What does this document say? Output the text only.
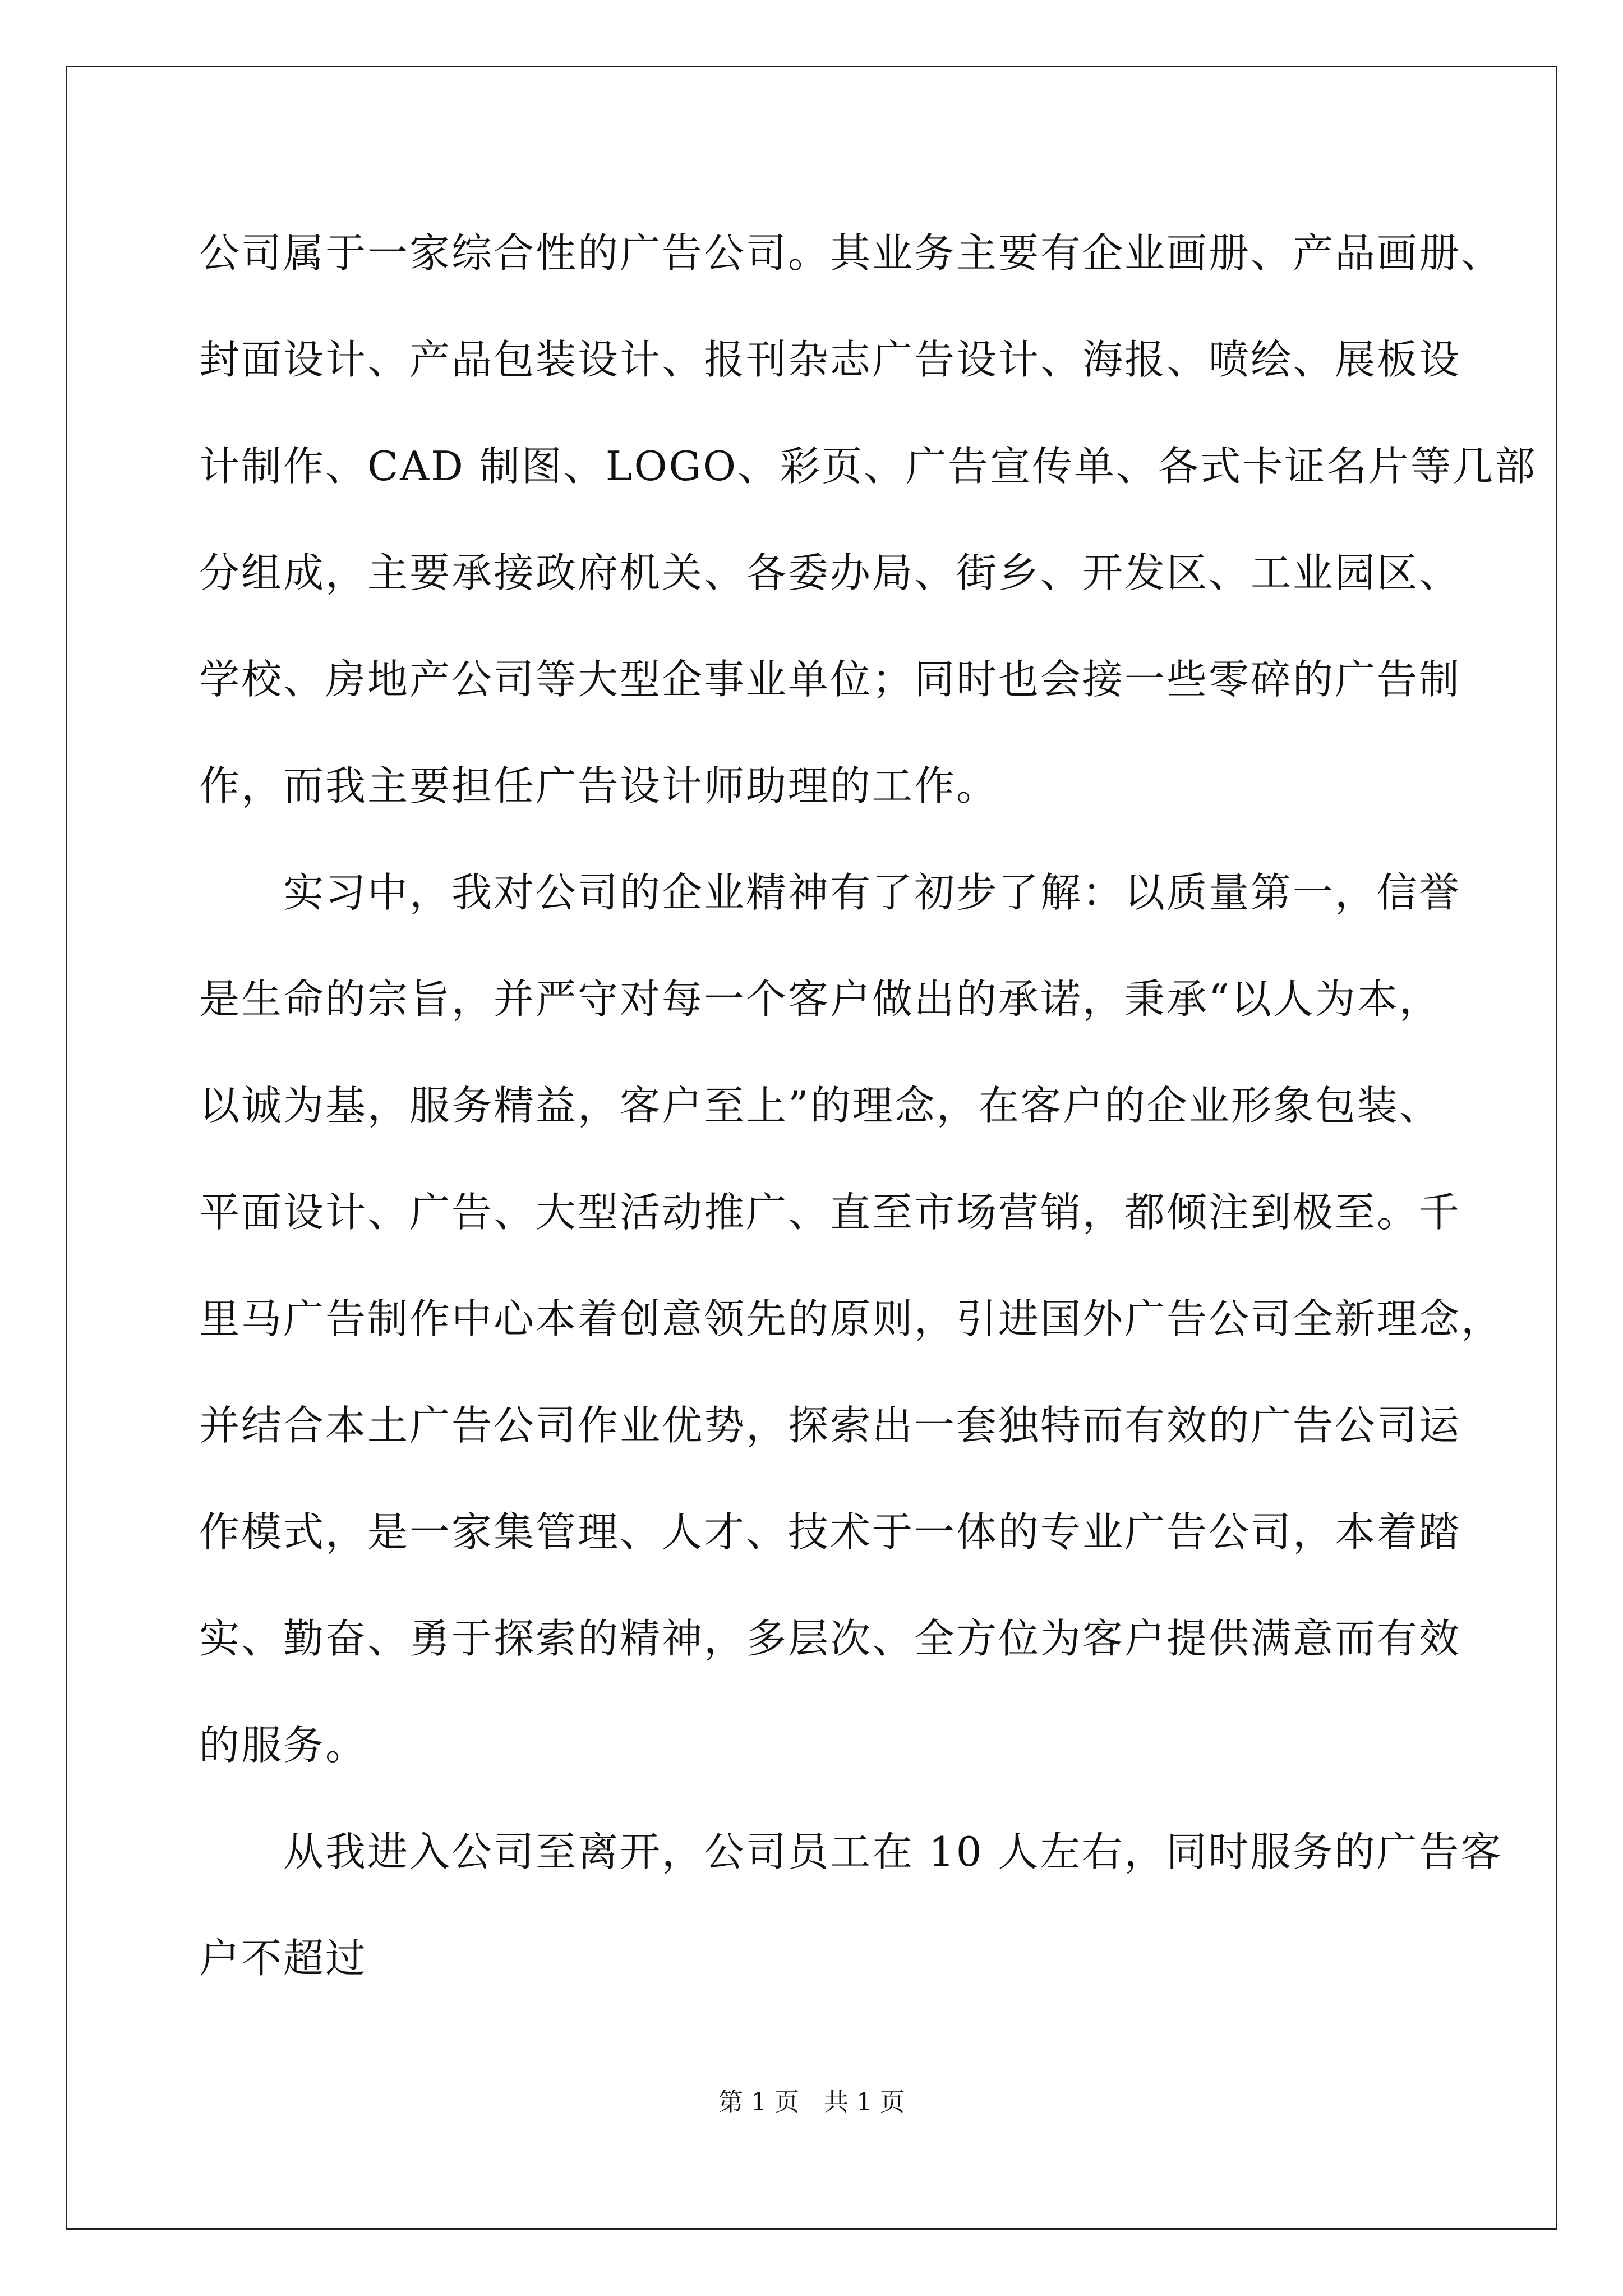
公司属于一家综合性的广告公司。其业务主要有企业画册、产品画册、
封面设计、产品包装设计、报刊杂志广告设计、海报、喷绘、展板设
计制作、CAD 制图、LOGO、彩页、广告宣传单、各式卡证名片等几部
分组成，主要承接政府机关、各委办局、街乡、开发区、工业园区、
学校、房地产公司等大型企事业单位；同时也会接一些零碎的广告制
作，而我主要担任广告设计师助理的工作。
　　实习中，我对公司的企业精神有了初步了解：以质量第一，信誉
是生命的宗旨，并严守对每一个客户做出的承诺，秉承“以人为本，
以诚为基，服务精益，客户至上”的理念，在客户的企业形象包装、
平面设计、广告、大型活动推广、直至市场营销，都倾注到极至。千
里马广告制作中心本着创意领先的原则，引进国外广告公司全新理念，
并结合本土广告公司作业优势，探索出一套独特而有效的广告公司运
作模式，是一家集管理、人才、技术于一体的专业广告公司，本着踏
实、勤奋、勇于探索的精神，多层次、全方位为客户提供满意而有效
的服务。
　　从我进入公司至离开，公司员工在 10 人左右，同时服务的广告客
户不超过
第 1 页　共 1 页
